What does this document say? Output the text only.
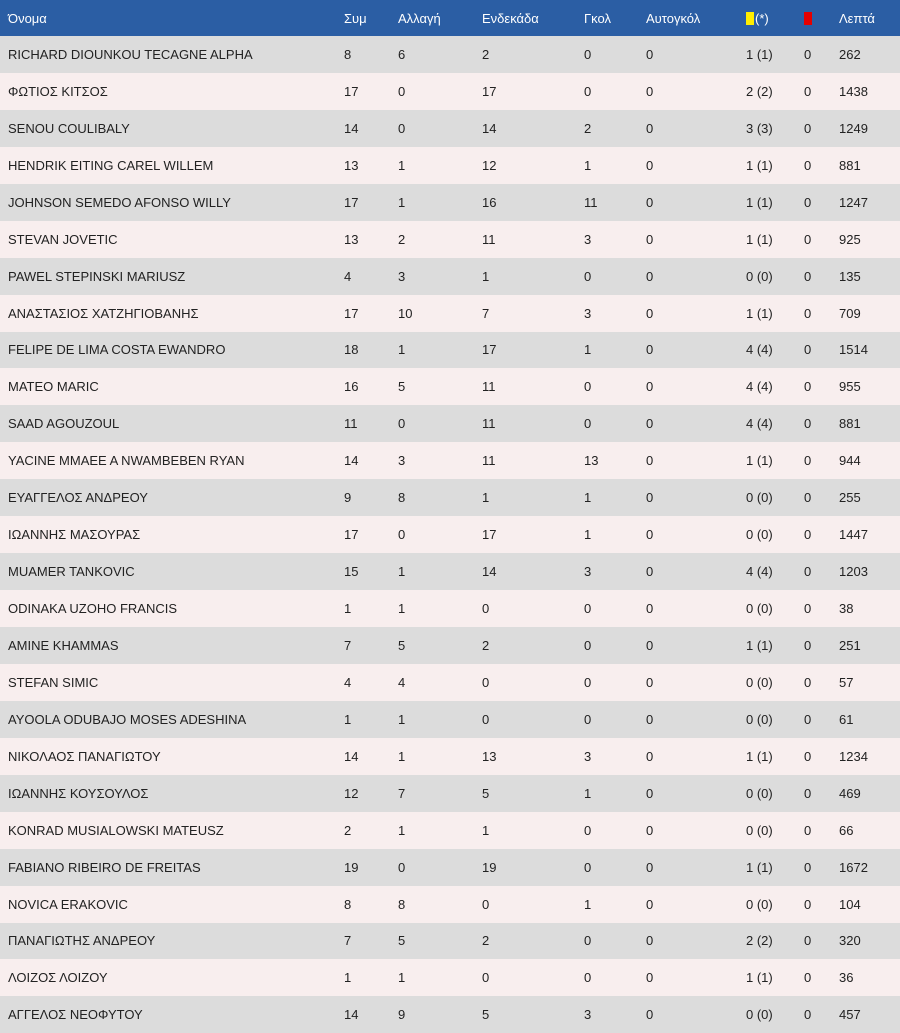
Όνομα	Συμ	Αλλαγή	Ενδεκάδα	Γκολ	Αυτογκόλ	(*)		Λεπτά
RICHARD DIOUNKOU TECAGNE ALPHA	8	6	2	0	0	1 (1)	0	262
ΦΩΤΙΟΣ ΚΙΤΣΟΣ	17	0	17	0	0	2 (2)	0	1438
SENOU COULIBALY	14	0	14	2	0	3 (3)	0	1249
HENDRIK EITING CAREL WILLEM	13	1	12	1	0	1 (1)	0	881
JOHNSON SEMEDO AFONSO WILLY	17	1	16	11	0	1 (1)	0	1247
STEVAN JOVETIC	13	2	11	3	0	1 (1)	0	925
PAWEL STEPINSKI MARIUSZ	4	3	1	0	0	0 (0)	0	135
ΑΝΑΣΤΑΣΙΟΣ ΧΑΤΖΗΓΙΟΒΑΝΗΣ	17	10	7	3	0	1 (1)	0	709
FELIPE DE LIMA COSTA EWANDRO	18	1	17	1	0	4 (4)	0	1514
MATEO MARIC	16	5	11	0	0	4 (4)	0	955
SAAD AGOUZOUL	11	0	11	0	0	4 (4)	0	881
YACINE MMAEE A NWAMBEBEN RYAN	14	3	11	13	0	1 (1)	0	944
ΕΥΑΓΓΕΛΟΣ ΑΝΔΡΕΟΥ	9	8	1	1	0	0 (0)	0	255
ΙΩΑΝΝΗΣ ΜΑΣΟΥΡΑΣ	17	0	17	1	0	0 (0)	0	1447
MUAMER TANKOVIC	15	1	14	3	0	4 (4)	0	1203
ODINAKA UZOHO FRANCIS	1	1	0	0	0	0 (0)	0	38
AMINE KHAMMAS	7	5	2	0	0	1 (1)	0	251
STEFAN SIMIC	4	4	0	0	0	0 (0)	0	57
AYOOLA ODUBAJO MOSES ADESHINA	1	1	0	0	0	0 (0)	0	61
ΝΙΚΟΛΑΟΣ ΠΑΝΑΓΙΩΤΟΥ	14	1	13	3	0	1 (1)	0	1234
ΙΩΑΝΝΗΣ ΚΟΥΣΟΥΛΟΣ	12	7	5	1	0	0 (0)	0	469
KONRAD MUSIALOWSKI MATEUSZ	2	1	1	0	0	0 (0)	0	66
FABIANO RIBEIRO DE FREITAS	19	0	19	0	0	1 (1)	0	1672
NOVICA ERAKOVIC	8	8	0	1	0	0 (0)	0	104
ΠΑΝΑΓΙΩΤΗΣ ΑΝΔΡΕΟΥ	7	5	2	0	0	2 (2)	0	320
ΛΟΙΖΟΣ ΛΟΙΖΟΥ	1	1	0	0	0	1 (1)	0	36
ΑΓΓΕΛΟΣ ΝΕΟΦΥΤΟΥ	14	9	5	3	0	0 (0)	0	457
